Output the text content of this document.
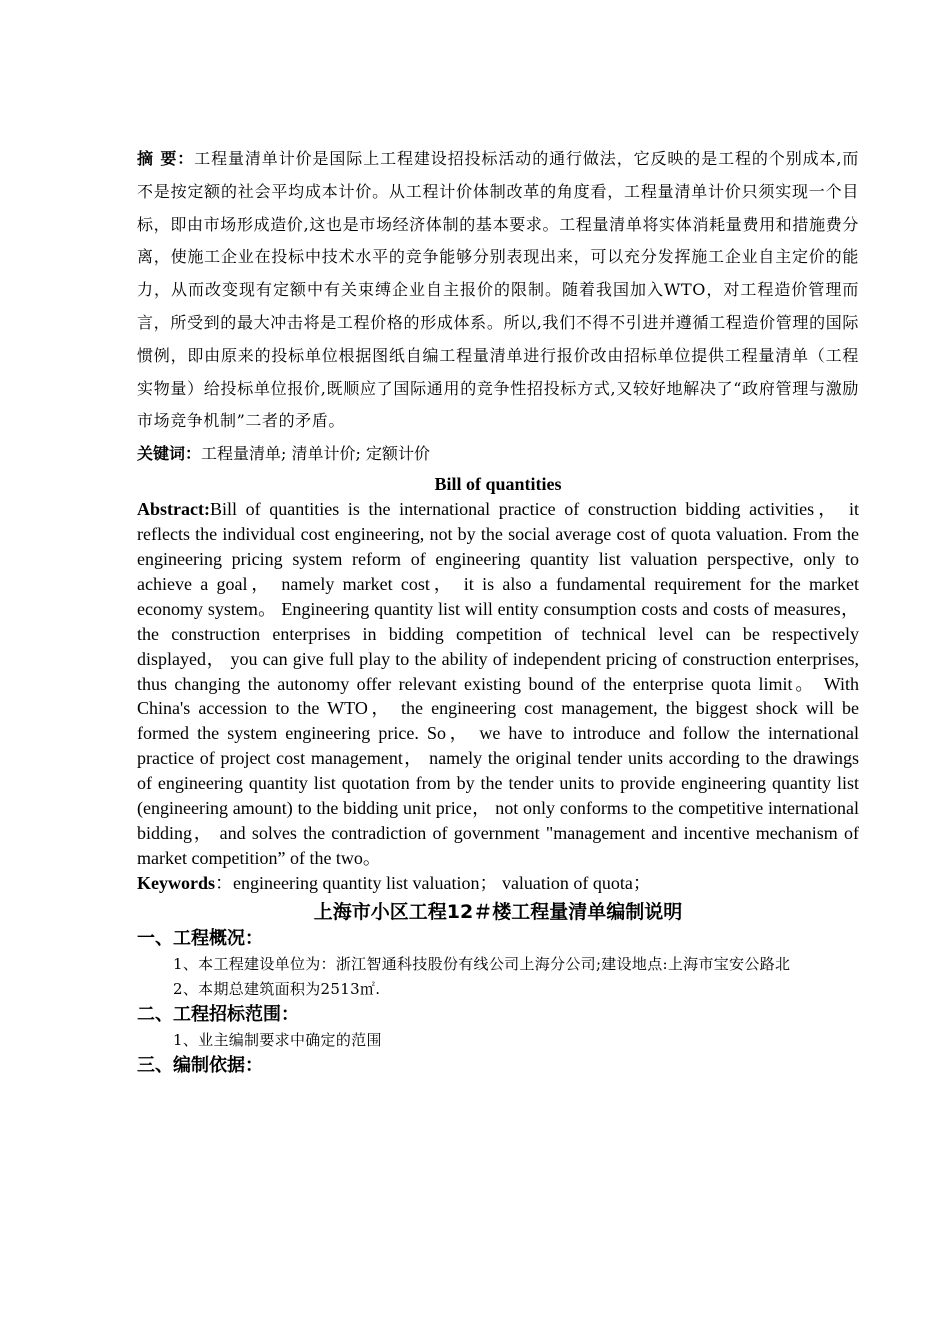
摘 要：工程量清单计价是国际上工程建设招投标活动的通行做法，它反映的是工程的个别成本,而不是按定额的社会平均成本计价。从工程计价体制改革的角度看，工程量清单计价只须实现一个目标，即由市场形成造价,这也是市场经济体制的基本要求。工程量清单将实体消耗量费用和措施费分离，使施工企业在投标中技术水平的竞争能够分别表现出来，可以充分发挥施工企业自主定价的能力，从而改变现有定额中有关束缚企业自主报价的限制。随着我国加入WTO，对工程造价管理而言，所受到的最大冲击将是工程价格的形成体系。所以,我们不得不引进并遵循工程造价管理的国际惯例，即由原来的投标单位根据图纸自编工程量清单进行报价改由招标单位提供工程量清单（工程实物量）给投标单位报价,既顺应了国际通用的竞争性招投标方式,又较好地解决了“政府管理与激励市场竞争机制”二者的矛盾。

关键词：工程量清单; 清单计价; 定额计价

Bill of quantities

Abstract:Bill of quantities is the international practice of construction bidding activities， it reflects the individual cost engineering, not by the social average cost of quota valuation. From the engineering pricing system reform of engineering quantity list valuation perspective, only to achieve a goal， namely market cost， it is also a fundamental requirement for the market economy system。 Engineering quantity list will entity consumption costs and costs of measures， the construction enterprises in bidding competition of technical level can be respectively displayed， you can give full play to the ability of independent pricing of construction enterprises, thus changing the autonomy offer relevant existing bound of the enterprise quota limit。 With China's accession to the WTO， the engineering cost management, the biggest shock will be formed the system engineering price. So， we have to introduce and follow the international practice of project cost management， namely the original tender units according to the drawings of engineering quantity list quotation from by the tender units to provide engineering quantity list (engineering amount) to the bidding unit price， not only conforms to the competitive international bidding， and solves the contradiction of government "management and incentive mechanism of market competition” of the two。

Keywords：engineering quantity list valuation； valuation of quota；

上海市小区工程12＃楼工程量清单编制说明
一、工程概况：

1、本工程建设单位为：浙江智通科技股份有线公司上海分公司;建设地点:上海市宝安公路北

2、本期总建筑面积为2513㎡.

二、工程招标范围：

1、业主编制要求中确定的范围

三、编制依据：
